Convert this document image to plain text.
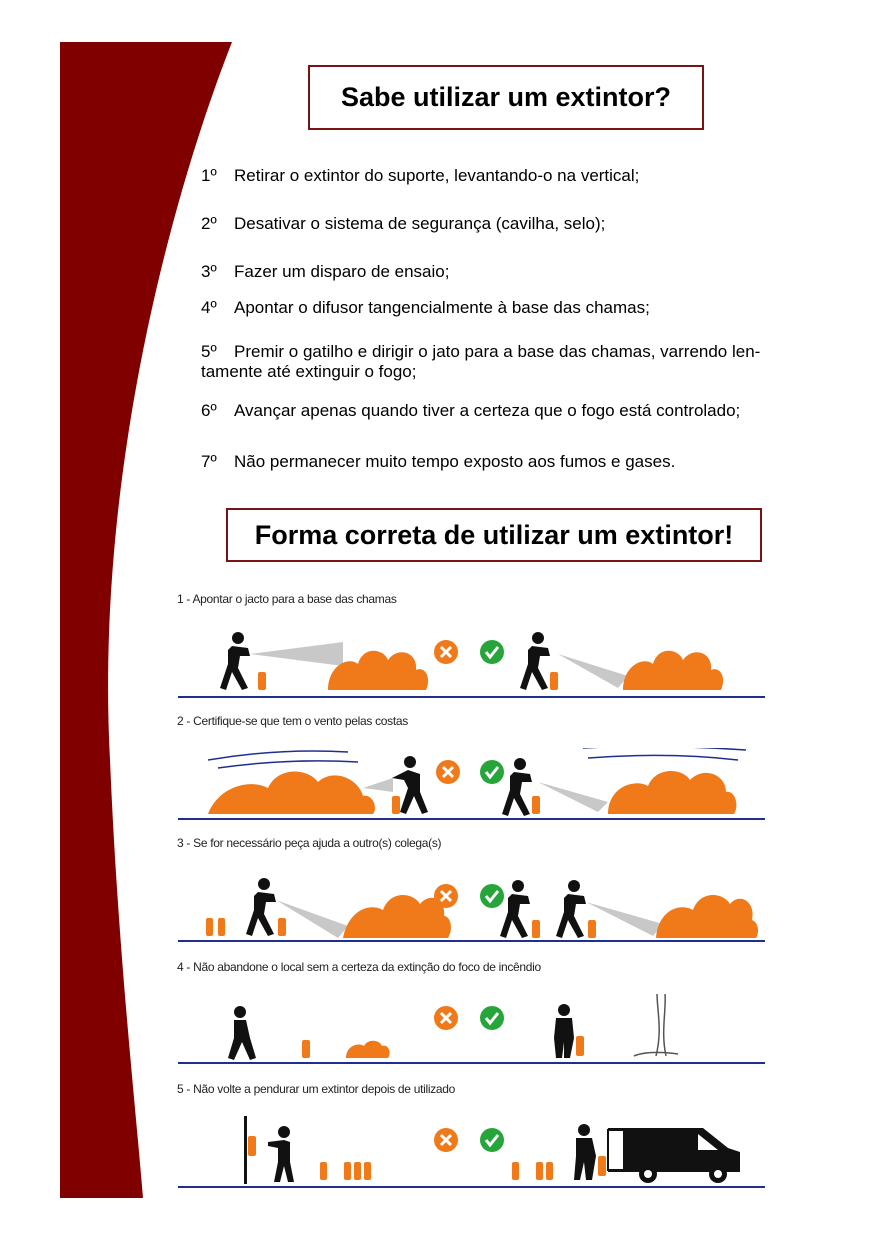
Sabe utilizar um extintor?
1º Retirar o extintor do suporte, levantando-o na vertical;
2º Desativar o sistema de segurança (cavilha, selo);
3º Fazer um disparo de ensaio;
4º Apontar o difusor tangencialmente à base das chamas;
5º Premir o gatilho e dirigir o jato para a base das chamas, varrendo len-
tamente até extinguir o fogo;
6º Avançar apenas quando tiver a certeza que o fogo está controlado;
7º Não permanecer muito tempo exposto aos fumos e gases.
Forma correta de utilizar um extintor!
1 - Apontar o jacto para a base das chamas
2 - Certifique-se que tem o vento pelas costas
3 - Se for necessário peça ajuda a outro(s) colega(s)
4 - Não abandone o local sem a certeza da extinção do foco de incêndio
5 - Não volte a pendurar um extintor depois de utilizado
